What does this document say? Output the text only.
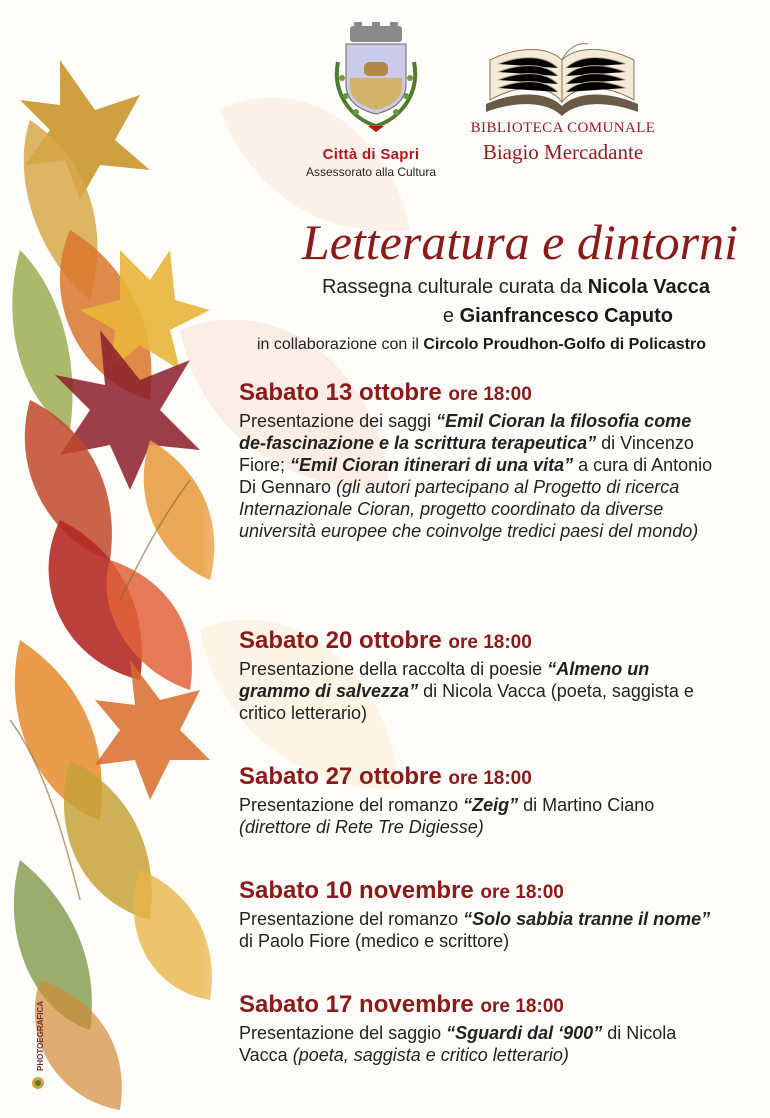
Città di Sapri
Assessorato alla Cultura
BIBLIOTECA COMUNALE
Biagio Mercadante
Letteratura e dintorni
Rassegna culturale curata da Nicola Vacca
e Gianfrancesco Caputo
in collaborazione con il Circolo Proudhon-Golfo di Policastro
Sabato 13 ottobre ore 18:00
Presentazione dei saggi “Emil Cioran la filosofia come de-fascinazione e la scrittura terapeutica” di Vincenzo Fiore; “Emil Cioran itinerari di una vita” a cura di Antonio Di Gennaro (gli autori partecipano al Progetto di ricerca Internazionale Cioran, progetto coordinato da diverse università europee che coinvolge tredici paesi del mondo)
Sabato 20 ottobre ore 18:00
Presentazione della raccolta di poesie “Almeno un grammo di salvezza” di Nicola Vacca (poeta, saggista e critico letterario)
Sabato 27 ottobre ore 18:00
Presentazione del romanzo “Zeig” di Martino Ciano (direttore di Rete Tre Digiesse)
Sabato 10 novembre ore 18:00
Presentazione del romanzo “Solo sabbia tranne il nome” di Paolo Fiore (medico e scrittore)
Sabato 17 novembre ore 18:00
Presentazione del saggio “Sguardi dal ‘900” di Nicola Vacca (poeta, saggista e critico letterario)
PHOTOEGRAFICA
